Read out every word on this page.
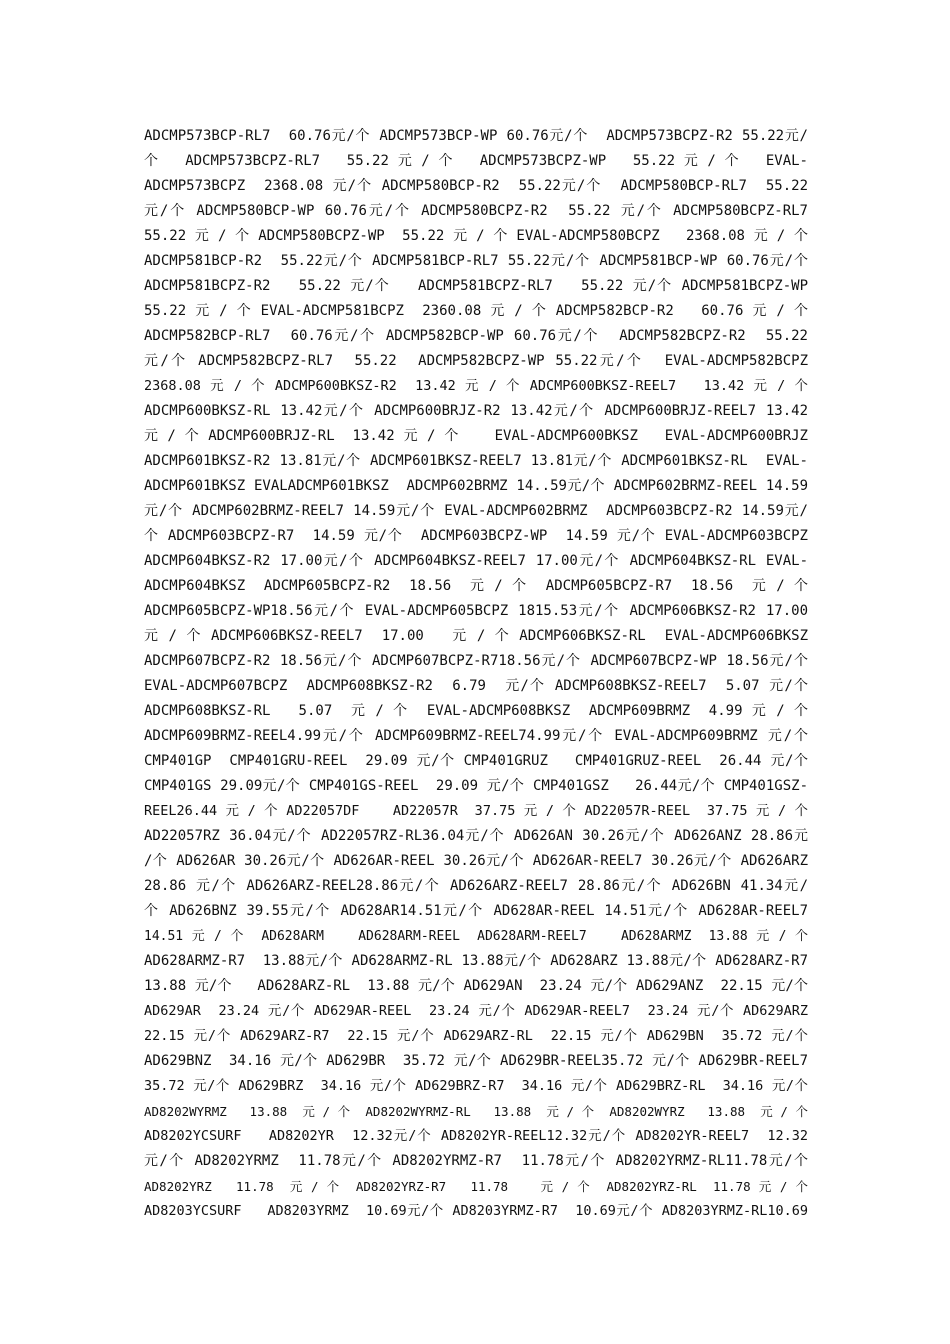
ADCMP573BCP-RL7  60.76元/个 ADCMP573BCP-WP 60.76元/个  ADCMP573BCPZ-R2 55.22元/
个   ADCMP573BCPZ-RL7   55.22 元 / 个   ADCMP573BCPZ-WP   55.22 元 / 个   EVAL-
ADCMP573BCPZ  2368.08 元/个 ADCMP580BCP-R2  55.22元/个  ADCMP580BCP-RL7  55.22
元/个 ADCMP580BCP-WP 60.76元/个 ADCMP580BCPZ-R2  55.22 元/个 ADCMP580BCPZ-RL7
55.22 元 / 个 ADCMP580BCPZ-WP  55.22 元 / 个 EVAL-ADCMP580BCPZ   2368.08 元 / 个
ADCMP581BCP-R2  55.22元/个 ADCMP581BCP-RL7 55.22元/个 ADCMP581BCP-WP 60.76元/个
ADCMP581BCPZ-R2   55.22 元/个   ADCMP581BCPZ-RL7   55.22 元/个 ADCMP581BCPZ-WP
55.22 元 / 个 EVAL-ADCMP581BCPZ  2360.08 元 / 个 ADCMP582BCP-R2   60.76 元 / 个
ADCMP582BCP-RL7  60.76元/个 ADCMP582BCP-WP 60.76元/个  ADCMP582BCPZ-R2  55.22
元/个 ADCMP582BCPZ-RL7  55.22  ADCMP582BCPZ-WP 55.22元/个  EVAL-ADCMP582BCPZ
2368.08 元 / 个 ADCMP600BKSZ-R2  13.42 元 / 个 ADCMP600BKSZ-REEL7   13.42 元 / 个
ADCMP600BKSZ-RL 13.42元/个 ADCMP600BRJZ-R2 13.42元/个 ADCMP600BRJZ-REEL7 13.42
元 / 个 ADCMP600BRJZ-RL  13.42 元 / 个    EVAL-ADCMP600BKSZ   EVAL-ADCMP600BRJZ
ADCMP601BKSZ-R2 13.81元/个 ADCMP601BKSZ-REEL7 13.81元/个 ADCMP601BKSZ-RL  EVAL-
ADCMP601BKSZ EVALADCMP601BKSZ  ADCMP602BRMZ 14..59元/个 ADCMP602BRMZ-REEL 14.59
元/个 ADCMP602BRMZ-REEL7 14.59元/个 EVAL-ADCMP602BRMZ  ADCMP603BCPZ-R2 14.59元/
个 ADCMP603BCPZ-R7  14.59 元/个  ADCMP603BCPZ-WP  14.59 元/个 EVAL-ADCMP603BCPZ
ADCMP604BKSZ-R2 17.00元/个 ADCMP604BKSZ-REEL7 17.00元/个 ADCMP604BKSZ-RL EVAL-
ADCMP604BKSZ  ADCMP605BCPZ-R2  18.56  元 / 个  ADCMP605BCPZ-R7  18.56  元 / 个
ADCMP605BCPZ-WP18.56元/个 EVAL-ADCMP605BCPZ 1815.53元/个 ADCMP606BKSZ-R2 17.00
元 / 个 ADCMP606BKSZ-REEL7  17.00   元 / 个 ADCMP606BKSZ-RL  EVAL-ADCMP606BKSZ
ADCMP607BCPZ-R2 18.56元/个 ADCMP607BCPZ-R718.56元/个 ADCMP607BCPZ-WP 18.56元/个
EVAL-ADCMP607BCPZ  ADCMP608BKSZ-R2  6.79  元/个 ADCMP608BKSZ-REEL7  5.07 元/个
ADCMP608BKSZ-RL   5.07  元 / 个  EVAL-ADCMP608BKSZ  ADCMP609BRMZ  4.99 元 / 个
ADCMP609BRMZ-REEL4.99元/个 ADCMP609BRMZ-REEL74.99元/个 EVAL-ADCMP609BRMZ 元/个
CMP401GP  CMP401GRU-REEL  29.09 元/个 CMP401GRUZ   CMP401GRUZ-REEL  26.44 元/个
CMP401GS 29.09元/个 CMP401GS-REEL  29.09 元/个 CMP401GSZ   26.44元/个 CMP401GSZ-
REEL26.44 元 / 个 AD22057DF    AD22057R  37.75 元 / 个 AD22057R-REEL  37.75 元 / 个
AD22057RZ 36.04元/个 AD22057RZ-RL36.04元/个 AD626AN 30.26元/个 AD626ANZ 28.86元
/个 AD626AR 30.26元/个 AD626AR-REEL 30.26元/个 AD626AR-REEL7 30.26元/个 AD626ARZ
28.86 元/个 AD626ARZ-REEL28.86元/个 AD626ARZ-REEL7 28.86元/个 AD626BN 41.34元/
个 AD626BNZ 39.55元/个 AD628AR14.51元/个 AD628AR-REEL 14.51元/个 AD628AR-REEL7
14.51 元 / 个  AD628ARM    AD628ARM-REEL  AD628ARM-REEL7    AD628ARMZ  13.88 元 / 个
AD628ARMZ-R7  13.88元/个 AD628ARMZ-RL 13.88元/个 AD628ARZ 13.88元/个 AD628ARZ-R7
13.88 元/个   AD628ARZ-RL  13.88 元/个 AD629AN  23.24 元/个 AD629ANZ  22.15 元/个
AD629AR  23.24 元/个 AD629AR-REEL  23.24 元/个 AD629AR-REEL7  23.24 元/个 AD629ARZ
22.15 元/个 AD629ARZ-R7  22.15 元/个 AD629ARZ-RL  22.15 元/个 AD629BN  35.72 元/个
AD629BNZ  34.16 元/个 AD629BR  35.72 元/个 AD629BR-REEL35.72 元/个 AD629BR-REEL7
35.72 元/个 AD629BRZ  34.16 元/个 AD629BRZ-R7  34.16 元/个 AD629BRZ-RL  34.16 元/个
AD8202WYRMZ   13.88  元 / 个  AD8202WYRMZ-RL   13.88  元 / 个  AD8202WYRZ   13.88  元 / 个
AD8202YCSURF   AD8202YR  12.32元/个 AD8202YR-REEL12.32元/个 AD8202YR-REEL7  12.32
元/个 AD8202YRMZ  11.78元/个 AD8202YRMZ-R7  11.78元/个 AD8202YRMZ-RL11.78元/个
AD8202YRZ   11.78  元 / 个  AD8202YRZ-R7   11.78    元 / 个  AD8202YRZ-RL  11.78 元 / 个
AD8203YCSURF   AD8203YRMZ  10.69元/个 AD8203YRMZ-R7  10.69元/个 AD8203YRMZ-RL10.69
